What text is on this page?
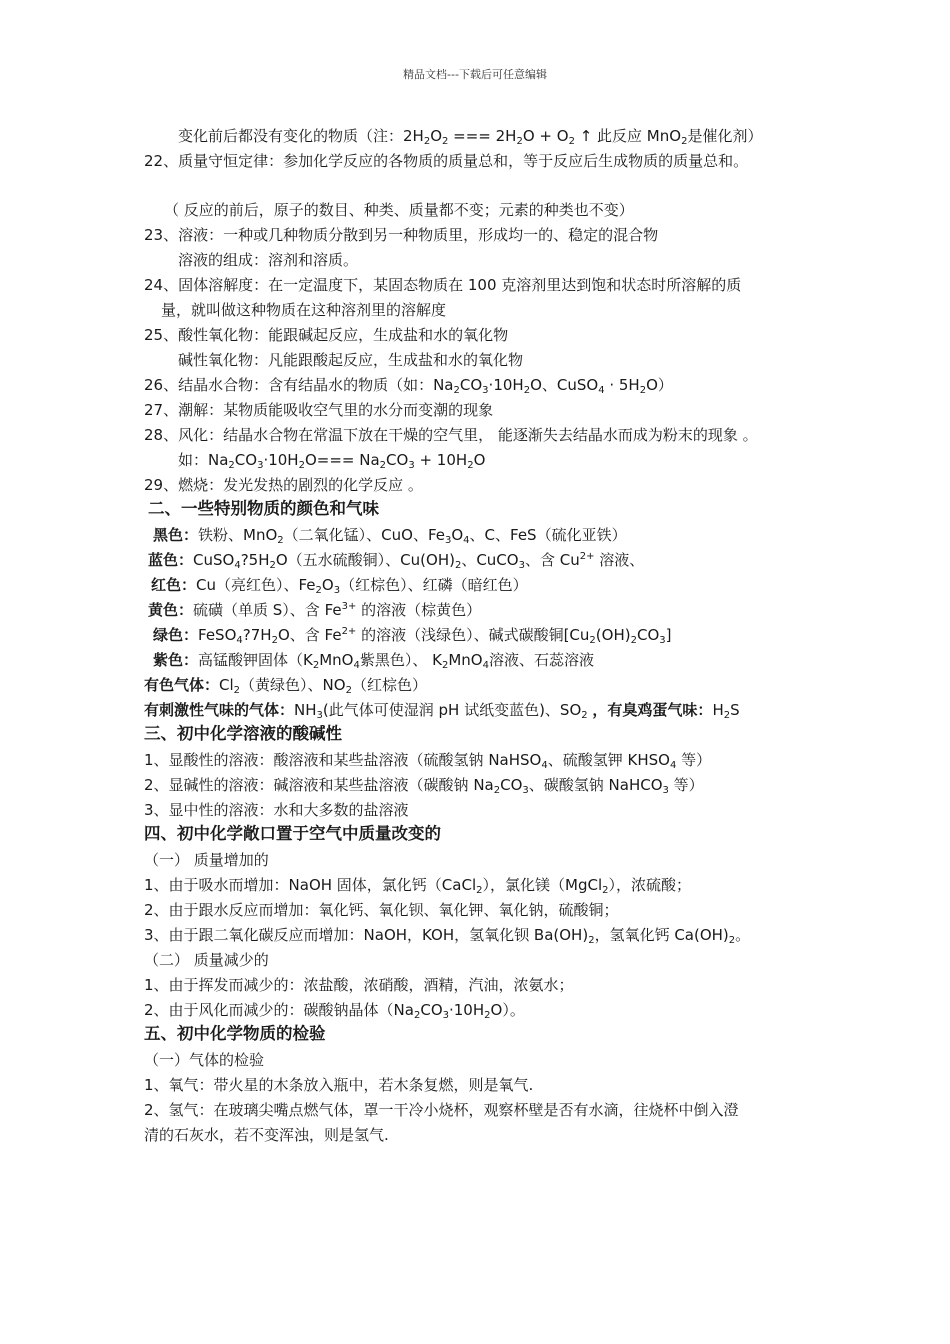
精品文档---下载后可任意编辑
变化前后都没有变化的物质（注：$2H_2O_2$ === $2H_2O + O_2$ ↑ 此反应 MnO$_2$是催化剂）
22、质量守恒定律：参加化学反应的各物质的质量总和，等于反应后生成物质的质量总和。
（ 反应的前后，原子的数目、种类、质量都不变；元素的种类也不变）
23、溶液：一种或几种物质分散到另一种物质里，形成均一的、稳定的混合物
溶液的组成：溶剂和溶质。
24、固体溶解度：在一定温度下，某固态物质在 100 克溶剂里达到饱和状态时所溶解的质
量，就叫做这种物质在这种溶剂里的溶解度
25、酸性氧化物：能跟碱起反应，生成盐和水的氧化物
碱性氧化物：凡能跟酸起反应，生成盐和水的氧化物
26、结晶水合物：含有结晶水的物质（如：$Na_2CO_3\cdot 10H_2O$、CuSO$_4$ · $5H_2O$）
27、潮解：某物质能吸收空气里的水分而变潮的现象
28、风化：结晶水合物在常温下放在干燥的空气里， 能逐渐失去结晶水而成为粉末的现象 。
如：$Na_2CO_3\cdot 10H_2O=== Na_2CO_3 + 10H_2O$
29、燃烧：发光发热的剧烈的化学反应 。
二、一些特别物质的颜色和气味
黑色：铁粉、MnO$_2$（二氧化锰）、CuO、$Fe_3O_4$、C、FeS（硫化亚铁）
蓝色：$CuSO_4?5H_2O$（五水硫酸铜）、$Cu(OH)_2$、CuCO$_3$、含 $Cu^{2+}$ 溶液、
红色：Cu（亮红色）、$Fe_2O_3$（红棕色）、红磷（暗红色）
黄色：硫磺（单质 S）、含 $Fe^{3+}$ 的溶液（棕黄色）
绿色：$FeSO_4?7H_2O$、含 $Fe^{2+}$ 的溶液（浅绿色）、碱式碳酸铜$[Cu_2(OH)_2CO_3]$
紫色：高锰酸钾固体（$K_2MnO_4$紫黑色）、 $K_2MnO_4$溶液、石蕊溶液
有色气体：$Cl_2$（黄绿色）、$NO_2$（红棕色）
有刺激性气味的气体：$NH_3$(此气体可使湿润 pH 试纸变蓝色)、$SO_2$ ，有臭鸡蛋气味：$H_2S$
三、初中化学溶液的酸碱性
1、显酸性的溶液：酸溶液和某些盐溶液（硫酸氢钠 NaHSO$_4$、硫酸氢钾 $KHSO_4$ 等）
2、显碱性的溶液：碱溶液和某些盐溶液（碳酸钠 $Na_2CO_3$、碳酸氢钠 NaHCO$_3$ 等）
3、显中性的溶液：水和大多数的盐溶液
四、初中化学敞口置于空气中质量改变的
（一） 质量增加的
1、由于吸水而增加：NaOH 固体，氯化钙（CaCl$_2$），氯化镁（MgCl$_2$），浓硫酸；
2、由于跟水反应而增加：氧化钙、氧化钡、氧化钾、氧化钠，硫酸铜；
3、由于跟二氧化碳反应而增加：NaOH，KOH，氢氧化钡 $Ba(OH)_2$，氢氧化钙 $Ca(OH)_2$。
（二） 质量减少的
1、由于挥发而减少的：浓盐酸，浓硝酸，酒精，汽油，浓氨水；
2、由于风化而减少的：碳酸钠晶体$(Na_2CO_3\cdot 10H_2O)$。
五、初中化学物质的检验
（一）气体的检验
1、氧气：带火星的木条放入瓶中，若木条复燃，则是氧气.
2、氢气：在玻璃尖嘴点燃气体，罩一干冷小烧杯，观察杯壁是否有水滴，往烧杯中倒入澄
清的石灰水，若不变浑浊，则是氢气.
